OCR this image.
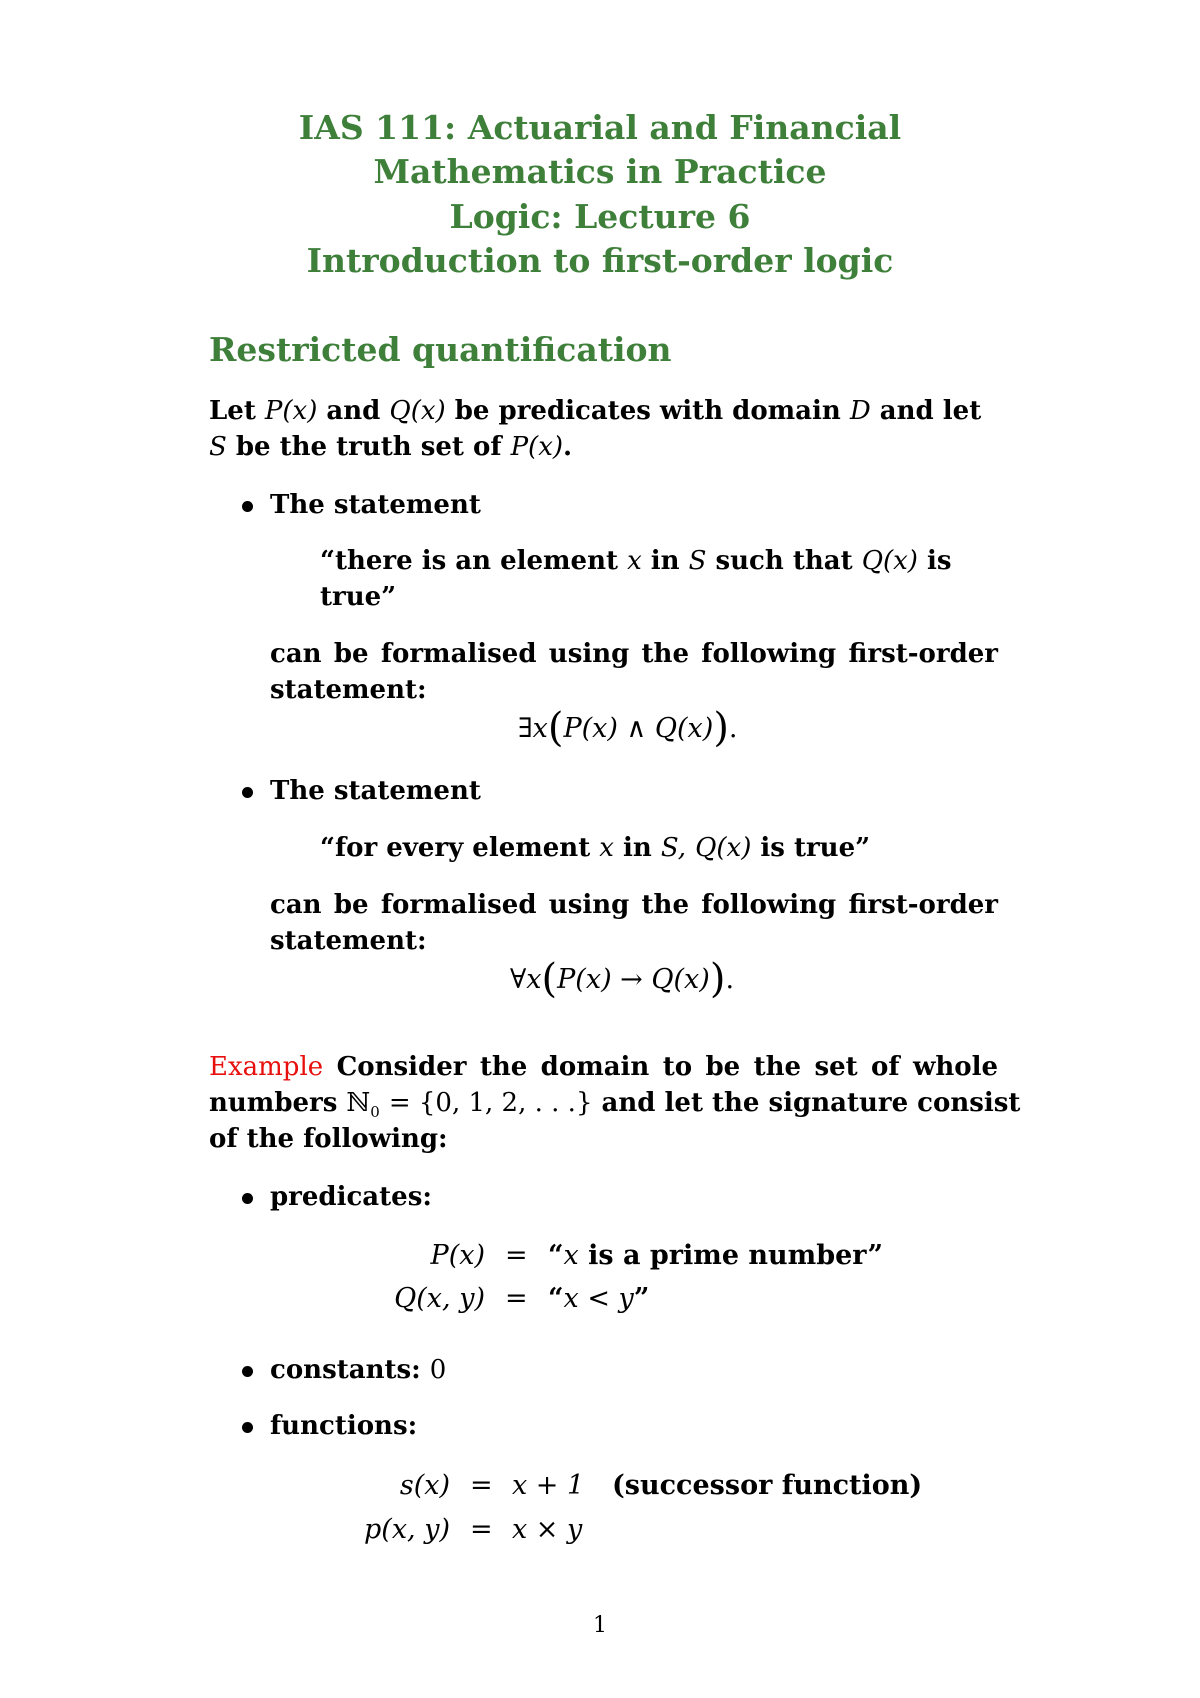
IAS 111: Actuarial and Financial
Mathematics in Practice
Logic: Lecture 6
Introduction to first-order logic
Restricted quantification
Let P(x) and Q(x) be predicates with domain D and let
S be the truth set of P(x).
The statement
“there is an element x in S such that Q(x) is
true”
can be formalised using the following first-order
statement:
∃x(P(x) ∧ Q(x)).
The statement
“for every element x in S, Q(x) is true”
can be formalised using the following first-order
statement:
∀x(P(x) → Q(x)).
Example Consider the domain to be the set of whole
numbers ℕ$_0$ = {0, 1, 2, . . .} and let the signature consist
of the following:
predicates:
P(x) = “x is a prime number”
Q(x, y) = “x < y”
constants: 0
functions:
s(x) = x + 1 (successor function)
p(x, y) = x × y
1
